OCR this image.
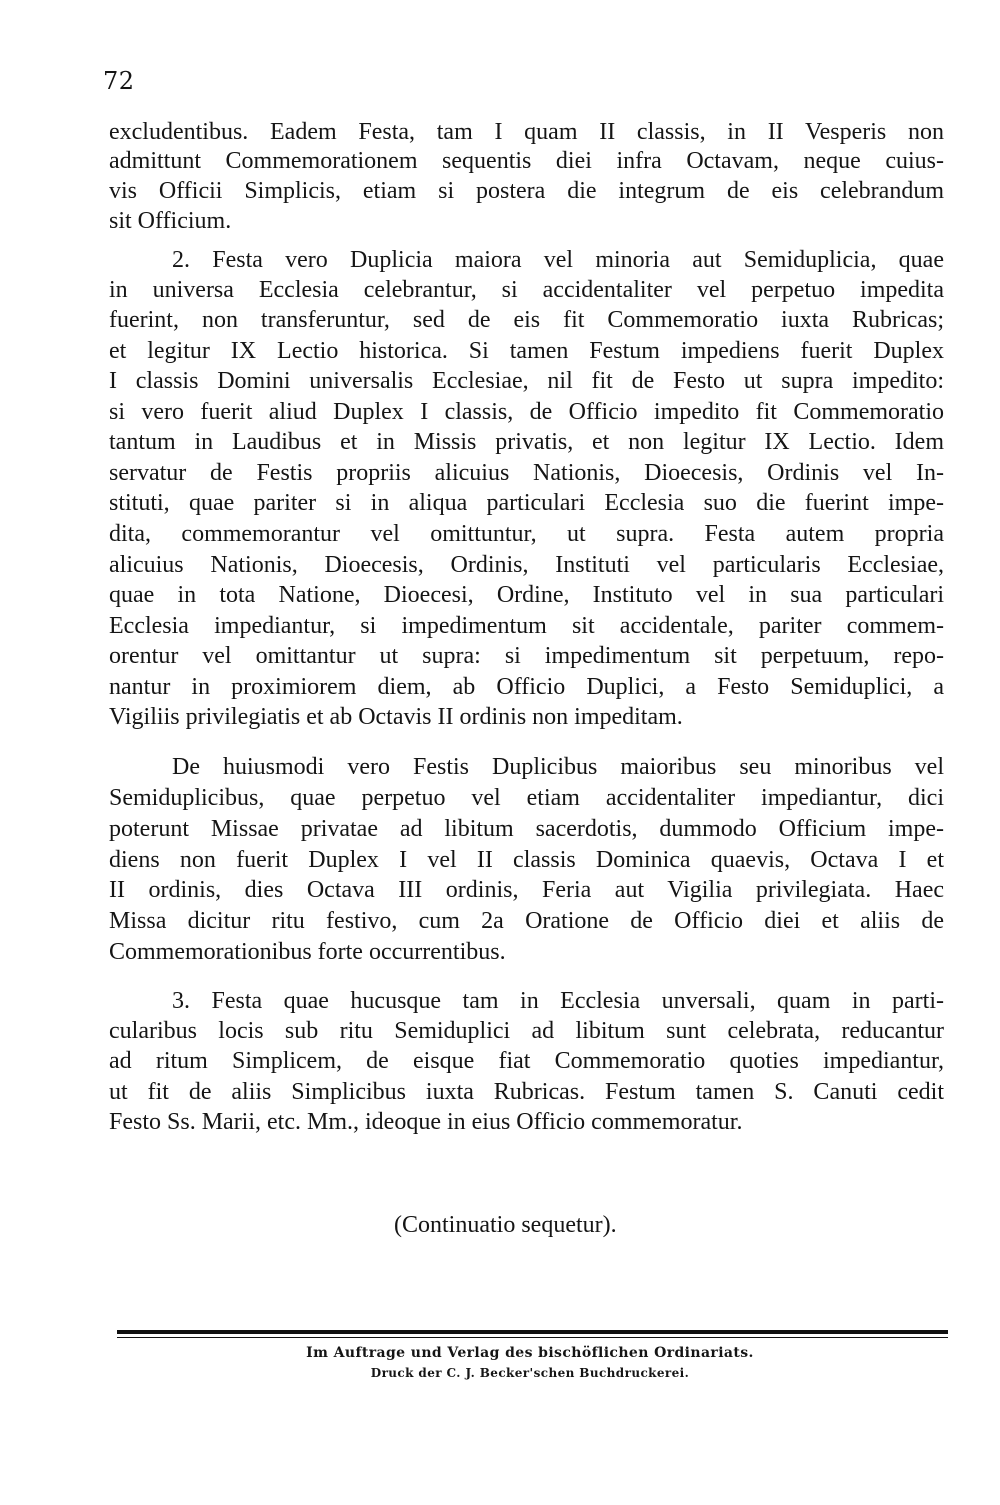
72

excludentibus. Eadem Festa, tam I quam II classis, in II Vesperis non

admittunt Commemorationem sequentis diei infra Octavam, neque cuius-

vis Officii Simplicis, etiam si postera die integrum de eis celebrandum

sit Officium.

2. Festa vero Duplicia maiora vel minoria aut Semiduplicia, quae

in universa Ecclesia celebrantur, si accidentaliter vel perpetuo impedita

fuerint, non transferuntur, sed de eis fit Commemoratio iuxta Rubricas;

et legitur IX Lectio historica. Si tamen Festum impediens fuerit Duplex

I classis Domini universalis Ecclesiae, nil fit de Festo ut supra impedito:

si vero fuerit aliud Duplex I classis, de Officio impedito fit Commemoratio

tantum in Laudibus et in Missis privatis, et non legitur IX Lectio. Idem

servatur de Festis propriis alicuius Nationis, Dioecesis, Ordinis vel In-

stituti, quae pariter si in aliqua particulari Ecclesia suo die fuerint impe-

dita, commemorantur vel omittuntur, ut supra. Festa autem propria

alicuius Nationis, Dioecesis, Ordinis, Instituti vel particularis Ecclesiae,

quae in tota Natione, Dioecesi, Ordine, Instituto vel in sua particulari

Ecclesia impediantur, si impedimentum sit accidentale, pariter commem-

orentur vel omittantur ut supra: si impedimentum sit perpetuum, repo-

nantur in proximiorem diem, ab Officio Duplici, a Festo Semiduplici, a

Vigiliis privilegiatis et ab Octavis II ordinis non impeditam.

De huiusmodi vero Festis Duplicibus maioribus seu minoribus vel

Semiduplicibus, quae perpetuo vel etiam accidentaliter impediantur, dici

poterunt Missae privatae ad libitum sacerdotis, dummodo Officium impe-

diens non fuerit Duplex I vel II classis Dominica quaevis, Octava I et

II ordinis, dies Octava III ordinis, Feria aut Vigilia privilegiata. Haec

Missa dicitur ritu festivo, cum 2a Oratione de Officio diei et aliis de

Commemorationibus forte occurrentibus.

3. Festa quae hucusque tam in Ecclesia unversali, quam in parti-

cularibus locis sub ritu Semiduplici ad libitum sunt celebrata, reducantur

ad ritum Simplicem, de eisque fiat Commemoratio quoties impediantur,

ut fit de aliis Simplicibus iuxta Rubricas. Festum tamen S. Canuti cedit

Festo Ss. Marii, etc. Mm., ideoque in eius Officio commemoratur.

(Continuatio sequetur).
Im Auftrage und Verlag des bischöflichen Ordinariats.
Druck der C. J. Becker'schen Buchdruckerei.
